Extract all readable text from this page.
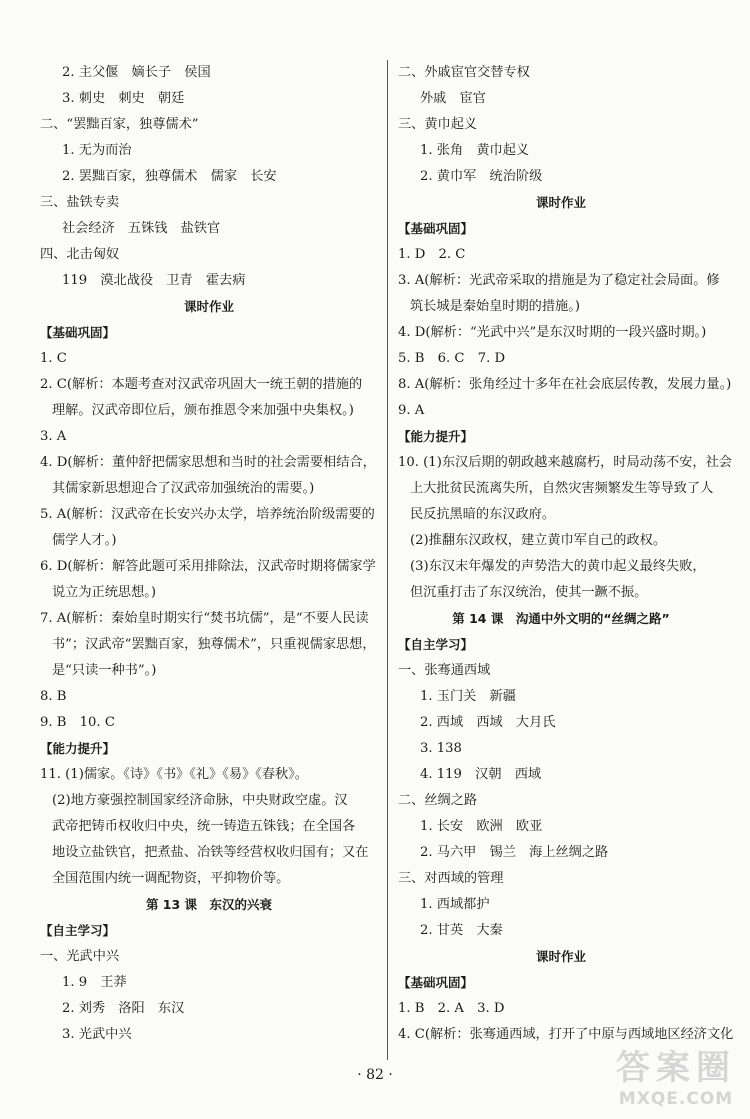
2. 主父偃　嫡长子　侯国
3. 刺史　刺史　朝廷
二、“罢黜百家，独尊儒术”
1. 无为而治
2. 罢黜百家，独尊儒术　儒家　长安
三、盐铁专卖
社会经济　五铢钱　盐铁官
四、北击匈奴
119　漠北战役　卫青　霍去病
课时作业
【基础巩固】
1. C
2. C(解析：本题考查对汉武帝巩固大一统王朝的措施的
理解。汉武帝即位后，颁布推恩令来加强中央集权。)
3. A
4. D(解析：董仲舒把儒家思想和当时的社会需要相结合，
其儒家新思想迎合了汉武帝加强统治的需要。)
5. A(解析：汉武帝在长安兴办太学，培养统治阶级需要的
儒学人才。)
6. D(解析：解答此题可采用排除法，汉武帝时期将儒家学
说立为正统思想。)
7. A(解析：秦始皇时期实行“焚书坑儒”，是“不要人民读
书”；汉武帝“罢黜百家，独尊儒术”，只重视儒家思想，
是“只读一种书”。)
8. B
9. B　10. C
【能力提升】
11. (1)儒家。《诗》《书》《礼》《易》《春秋》。
(2)地方豪强控制国家经济命脉，中央财政空虚。汉
武帝把铸币权收归中央，统一铸造五铢钱；在全国各
地设立盐铁官，把煮盐、冶铁等经营权收归国有；又在
全国范围内统一调配物资，平抑物价等。
第 13 课　东汉的兴衰
【自主学习】
一、光武中兴
1. 9　王莽
2. 刘秀　洛阳　东汉
3. 光武中兴
二、外戚宦官交替专权
外戚　宦官
三、黄巾起义
1. 张角　黄巾起义
2. 黄巾军　统治阶级
课时作业
【基础巩固】
1. D　2. C
3. A(解析：光武帝采取的措施是为了稳定社会局面。修
筑长城是秦始皇时期的措施。)
4. D(解析：“光武中兴”是东汉时期的一段兴盛时期。)
5. B　6. C　7. D
8. A(解析：张角经过十多年在社会底层传教，发展力量。)
9. A
【能力提升】
10. (1)东汉后期的朝政越来越腐朽，时局动荡不安，社会
上大批贫民流离失所，自然灾害频繁发生等导致了人
民反抗黑暗的东汉政府。
(2)推翻东汉政权，建立黄巾军自己的政权。
(3)东汉末年爆发的声势浩大的黄巾起义最终失败，
但沉重打击了东汉统治，使其一蹶不振。
第 14 课　沟通中外文明的“丝绸之路”
【自主学习】
一、张骞通西域
1. 玉门关　新疆
2. 西域　西域　大月氏
3. 138
4. 119　汉朝　西域
二、丝绸之路
1. 长安　欧洲　欧亚
2. 马六甲　锡兰　海上丝绸之路
三、对西域的管理
1. 西域都护
2. 甘英　大秦
课时作业
【基础巩固】
1. B　2. A　3. D
4. C(解析：张骞通西域，打开了中原与西域地区经济文化
· 82 ·	答案圈
MXQE.COM
